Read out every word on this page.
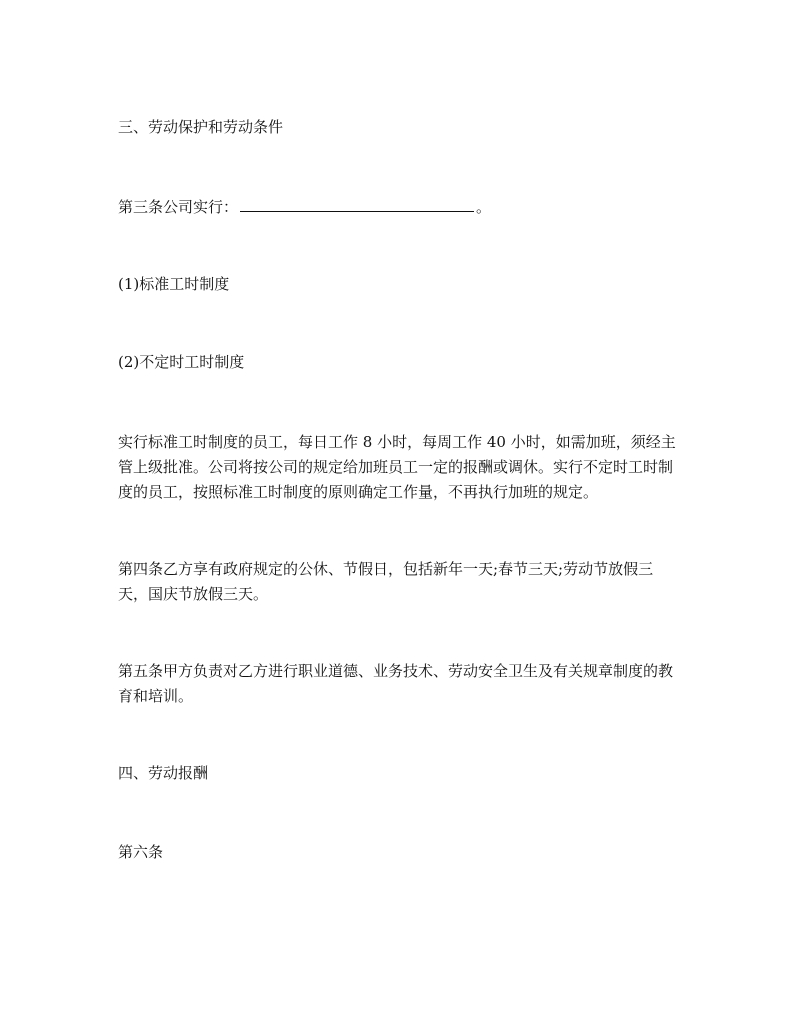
三、劳动保护和劳动条件

第三条公司实行：	。

(1)标准工时制度

(2)不定时工时制度

实行标准工时制度的员工，每日工作 8 小时，每周工作 40 小时，如需加班，须经主管上级批准。公司将按公司的规定给加班员工一定的报酬或调休。实行不定时工时制度的员工，按照标准工时制度的原则确定工作量，不再执行加班的规定。

第四条乙方享有政府规定的公休、节假日，包括新年一天;春节三天;劳动节放假三天，国庆节放假三天。

第五条甲方负责对乙方进行职业道德、业务技术、劳动安全卫生及有关规章制度的教育和培训。

四、劳动报酬

第六条
